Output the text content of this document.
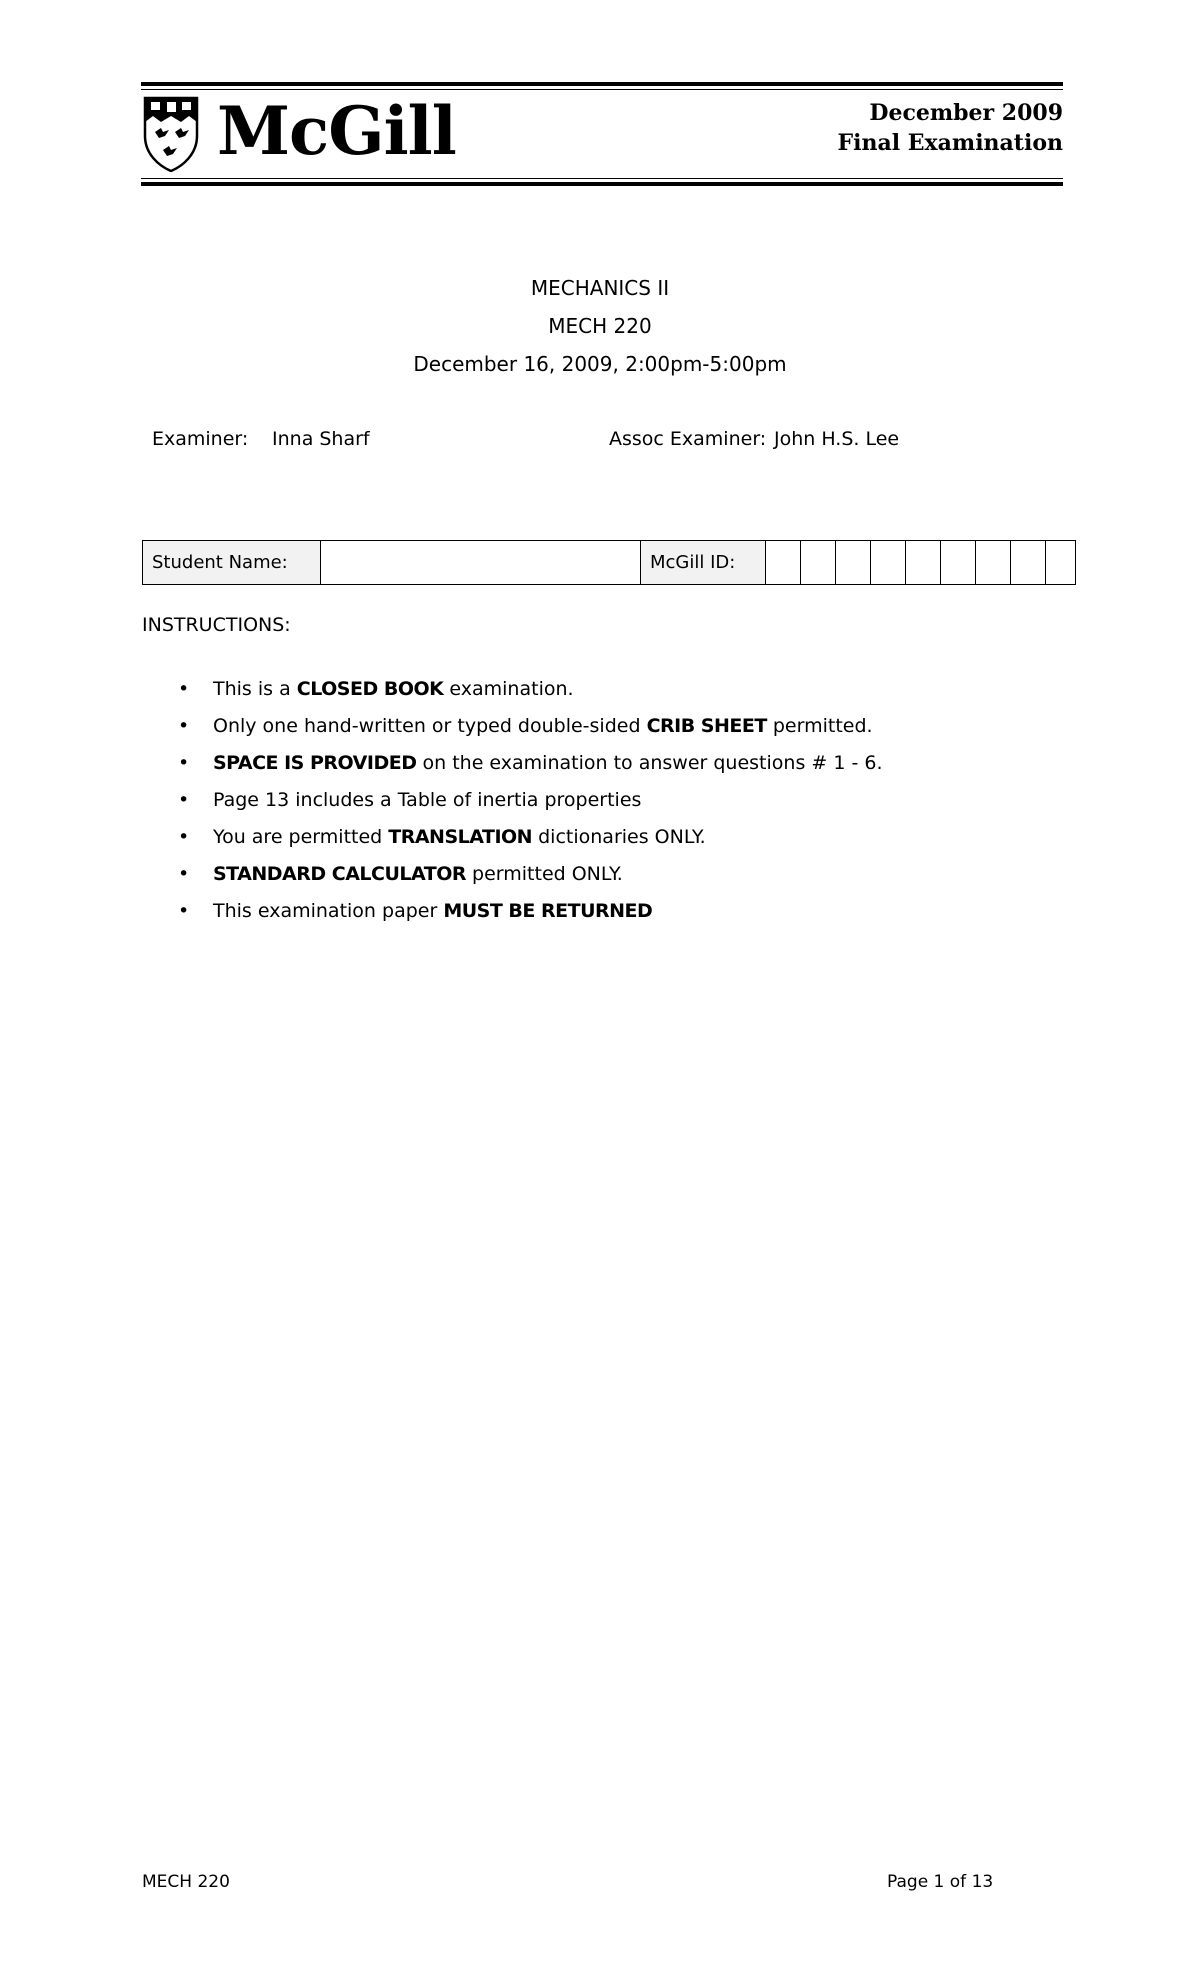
McGill	December 2009
Final Examination
MECHANICS II
MECH 220
December 16, 2009, 2:00pm-5:00pm
Examiner: Inna Sharf	Assoc Examiner: John H.S. Lee
Student Name:	McGill ID:
INSTRUCTIONS:
• This is a CLOSED BOOK examination.
• Only one hand-written or typed double-sided CRIB SHEET permitted.
• SPACE IS PROVIDED on the examination to answer questions # 1 - 6.
• Page 13 includes a Table of inertia properties
• You are permitted TRANSLATION dictionaries ONLY.
• STANDARD CALCULATOR permitted ONLY.
• This examination paper MUST BE RETURNED
MECH 220	Page 1 of 13
